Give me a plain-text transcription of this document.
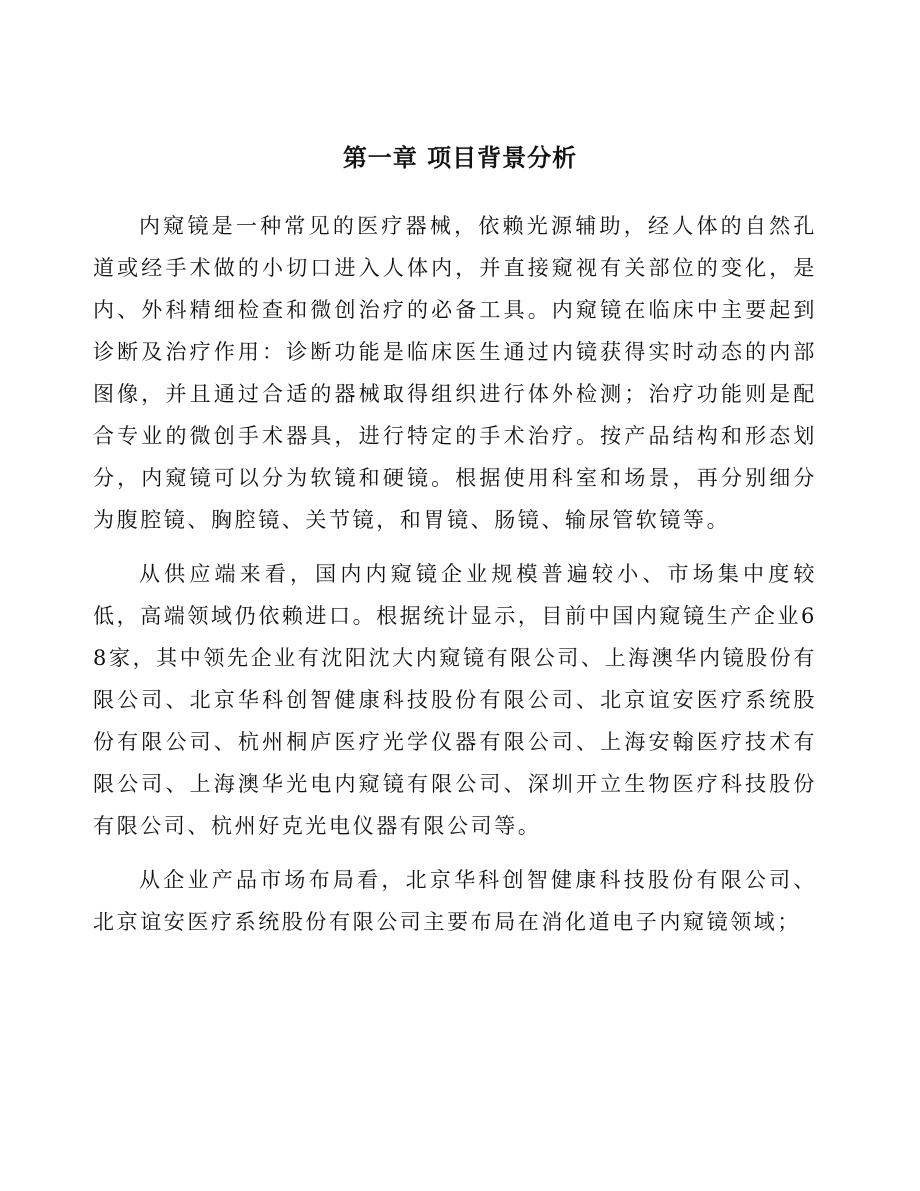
第一章 项目背景分析

内窥镜是一种常见的医疗器械，依赖光源辅助，经人体的自然孔道或经手术做的小切口进入人体内，并直接窥视有关部位的变化，是内、外科精细检查和微创治疗的必备工具。内窥镜在临床中主要起到诊断及治疗作用：诊断功能是临床医生通过内镜获得实时动态的内部图像，并且通过合适的器械取得组织进行体外检测；治疗功能则是配合专业的微创手术器具，进行特定的手术治疗。按产品结构和形态划分，内窥镜可以分为软镜和硬镜。根据使用科室和场景，再分别细分为腹腔镜、胸腔镜、关节镜，和胃镜、肠镜、输尿管软镜等。

从供应端来看，国内内窥镜企业规模普遍较小、市场集中度较低，高端领域仍依赖进口。根据统计显示，目前中国内窥镜生产企业68家，其中领先企业有沈阳沈大内窥镜有限公司、上海澳华内镜股份有限公司、北京华科创智健康科技股份有限公司、北京谊安医疗系统股份有限公司、杭州桐庐医疗光学仪器有限公司、上海安翰医疗技术有限公司、上海澳华光电内窥镜有限公司、深圳开立生物医疗科技股份有限公司、杭州好克光电仪器有限公司等。

从企业产品市场布局看，北京华科创智健康科技股份有限公司、北京谊安医疗系统股份有限公司主要布局在消化道电子内窥镜领域；
